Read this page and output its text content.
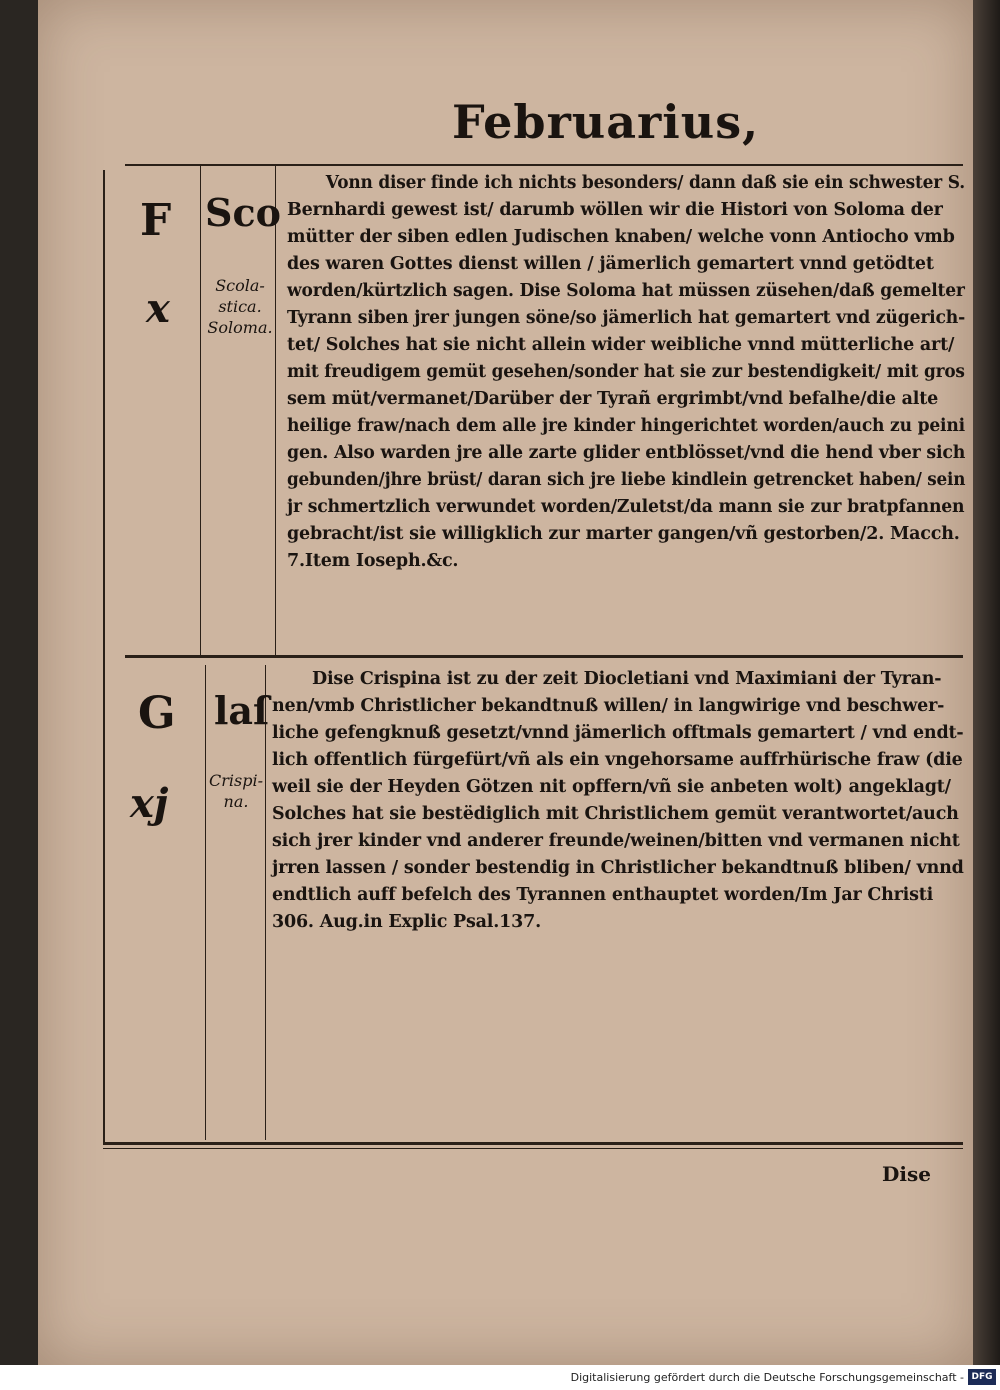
Februarius,
F
x
Sco
Scola-
stica.
Soloma.
Vonn diser finde ich nichts besonders/ dann daß sie ein schwester S.
Bernhardi gewest ist/ darumb wöllen wir die Histori von Soloma der
mütter der siben edlen Judischen knaben/ welche vonn Antiocho vmb
des waren Gottes dienst willen / jämerlich gemartert vnnd getödtet
worden/kürtzlich sagen. Dise Soloma hat müssen züsehen/daß gemelter
Tyrann siben jrer jungen söne/so jämerlich hat gemartert vnd zügerich-
tet/ Solches hat sie nicht allein wider weibliche vnnd mütterliche art/
mit freudigem gemüt gesehen/sonder hat sie zur bestendigkeit/ mit gros
sem müt/vermanet/Darüber der Tyrañ ergrimbt/vnd befalhe/die alte
heilige fraw/nach dem alle jre kinder hingerichtet worden/auch zu peini
gen. Also warden jre alle zarte glider entblösset/vnd die hend vber sich
gebunden/jhre brüst/ daran sich jre liebe kindlein getrencket haben/ sein
jr schmertzlich verwundet worden/Zuletst/da mann sie zur bratpfannen
gebracht/ist sie willigklich zur marter gangen/vñ gestorben/2. Macch.
7.Item Ioseph.&c.
G
xj
laſ
Crispi-
na.
Dise Crispina ist zu der zeit Diocletiani vnd Maximiani der Tyran-
nen/vmb Christlicher bekandtnuß willen/ in langwirige vnd beschwer-
liche gefengknuß gesetzt/vnnd jämerlich offtmals gemartert / vnd endt-
lich offentlich fürgefürt/vñ als ein vngehorsame auffrhürische fraw (die
weil sie der Heyden Götzen nit opffern/vñ sie anbeten wolt) angeklagt/
Solches hat sie bestëdiglich mit Christlichem gemüt verantwortet/auch
sich jrer kinder vnd anderer freunde/weinen/bitten vnd vermanen nicht
jrren lassen / sonder bestendig in Christlicher bekandtnuß bliben/ vnnd
endtlich auff befelch des Tyrannen enthauptet worden/Im Jar Christi
306. Aug.in Explic Psal.137.
Dise
Digitalisierung gefördert durch die Deutsche Forschungsgemeinschaft - DFG
